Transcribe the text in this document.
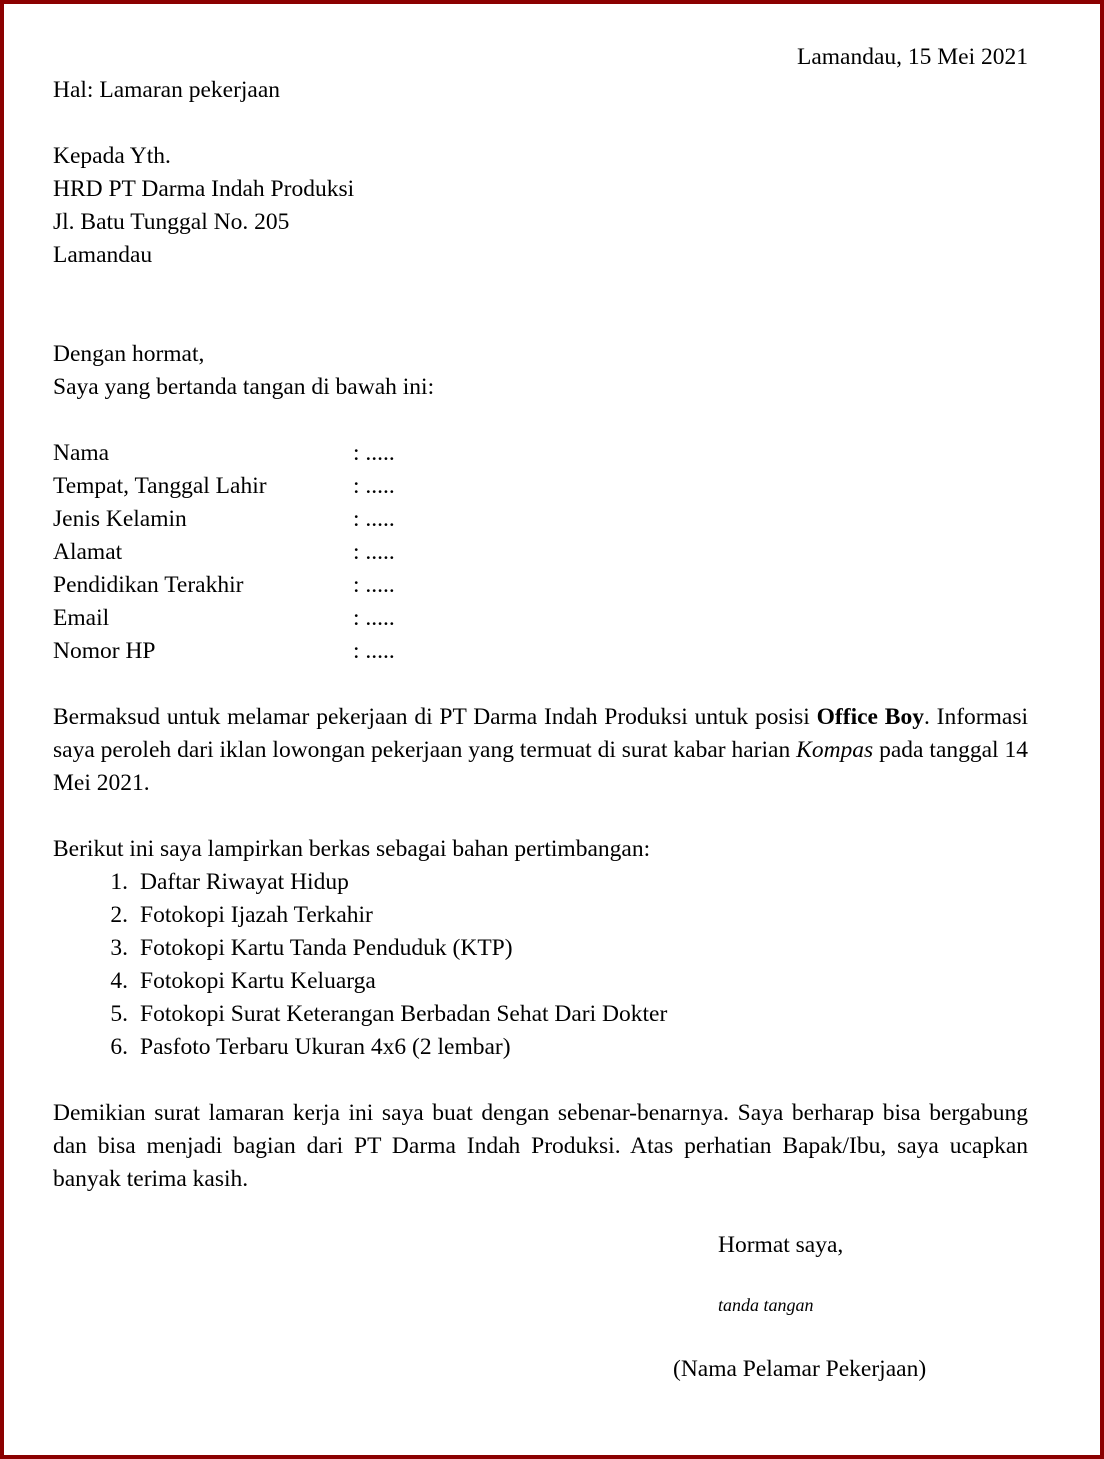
Lamandau, 15 Mei 2021
Hal: Lamaran pekerjaan
Kepada Yth.
HRD PT Darma Indah Produksi
Jl. Batu Tunggal No. 205
Lamandau
Dengan hormat,
Saya yang bertanda tangan di bawah ini:
Nama	: .....
Tempat, Tanggal Lahir	: .....
Jenis Kelamin	: .....
Alamat	: .....
Pendidikan Terakhir	: .....
Email	: .....
Nomor HP	: .....

Bermaksud untuk melamar pekerjaan di PT Darma Indah Produksi untuk posisi Office Boy. Informasi saya peroleh dari iklan lowongan pekerjaan yang termuat di surat kabar harian Kompas pada tanggal 14 Mei 2021.

Berikut ini saya lampirkan berkas sebagai bahan pertimbangan:
1. Daftar Riwayat Hidup
2. Fotokopi Ijazah Terkahir
3. Fotokopi Kartu Tanda Penduduk (KTP)
4. Fotokopi Kartu Keluarga
5. Fotokopi Surat Keterangan Berbadan Sehat Dari Dokter
6. Pasfoto Terbaru Ukuran 4x6 (2 lembar)

Demikian surat lamaran kerja ini saya buat dengan sebenar-benarnya. Saya berharap bisa bergabung dan bisa menjadi bagian dari PT Darma Indah Produksi. Atas perhatian Bapak/Ibu, saya ucapkan banyak terima kasih.

Hormat saya,
tanda tangan
(Nama Pelamar Pekerjaan)
